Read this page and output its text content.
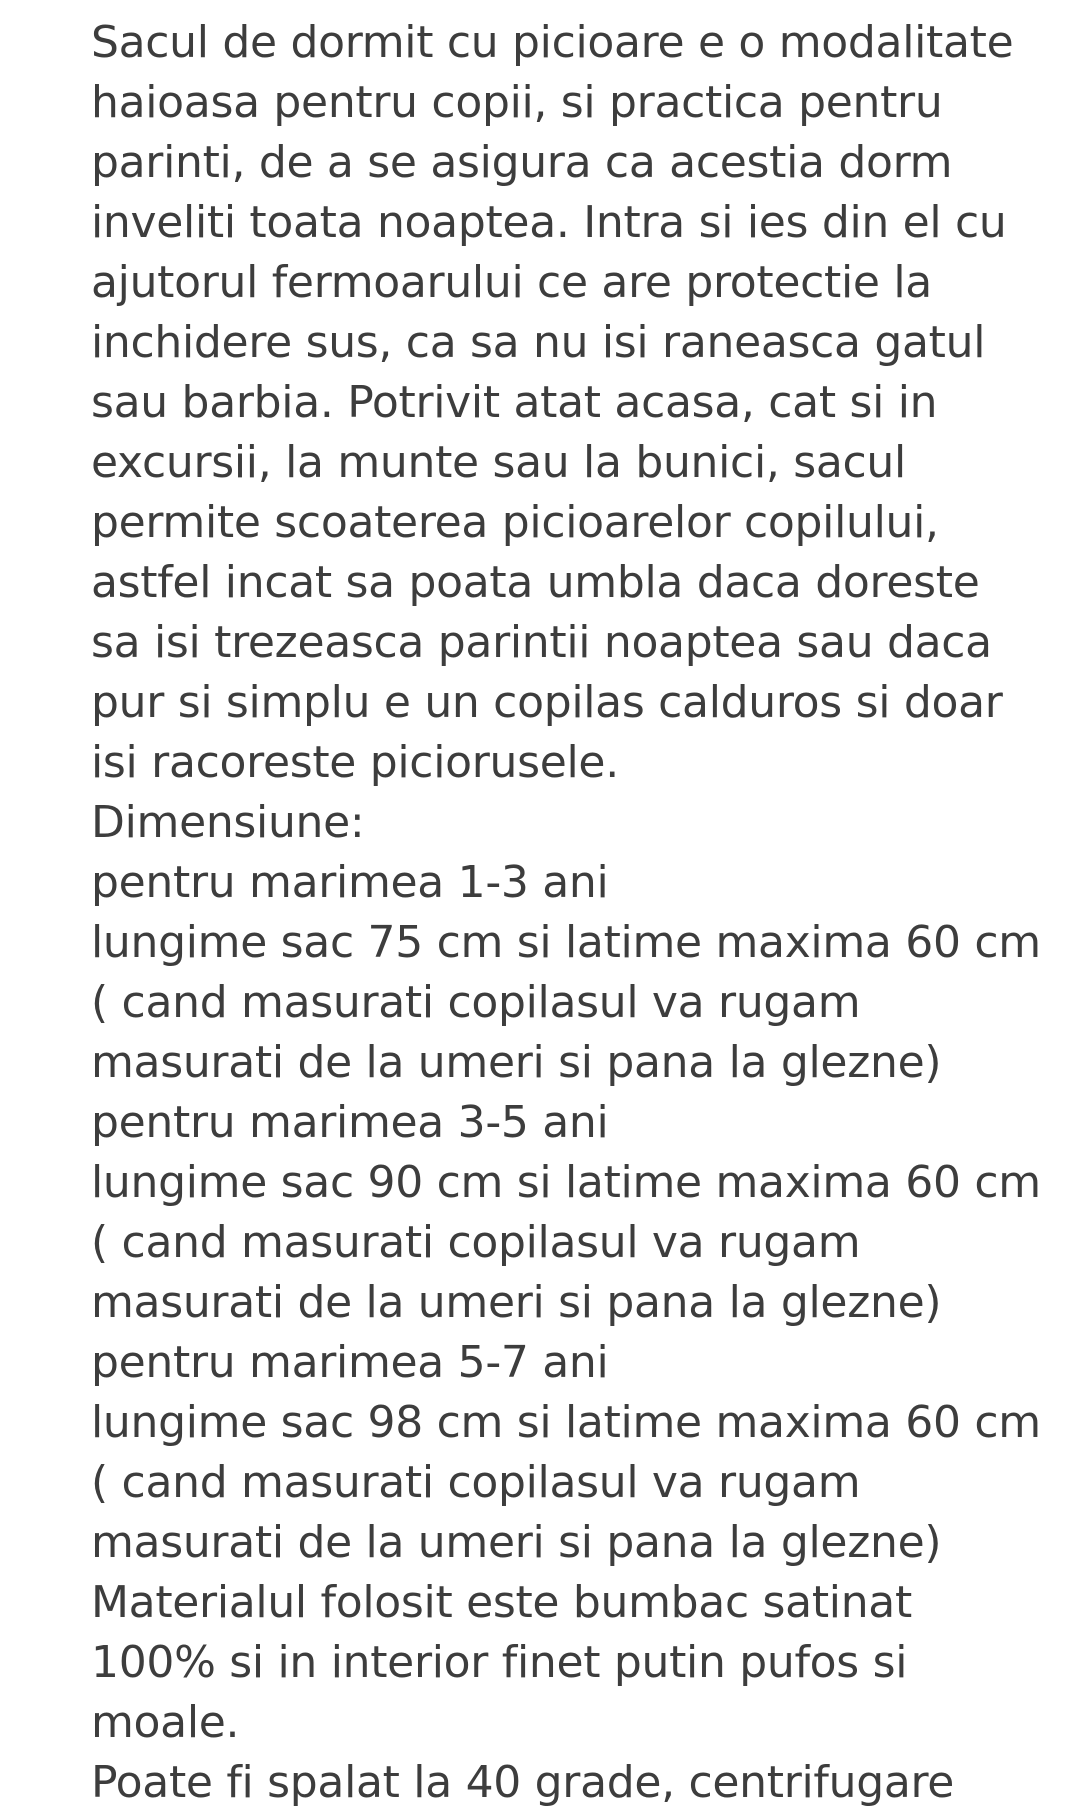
Sacul de dormit cu picioare e o modalitate
haioasa pentru copii, si practica pentru
parinti, de a se asigura ca acestia dorm
inveliti toata noaptea. Intra si ies din el cu
ajutorul fermoarului ce are protectie la
inchidere sus, ca sa nu isi raneasca gatul
sau barbia. Potrivit atat acasa, cat si in
excursii, la munte sau la bunici, sacul
permite scoaterea picioarelor copilului,
astfel incat sa poata umbla daca doreste
sa isi trezeasca parintii noaptea sau daca
pur si simplu e un copilas calduros si doar
isi racoreste piciorusele.
Dimensiune:
pentru marimea 1-3 ani
lungime sac 75 cm si latime maxima 60 cm
( cand masurati copilasul va rugam
masurati de la umeri si pana la glezne)
pentru marimea 3-5 ani
lungime sac 90 cm si latime maxima 60 cm
( cand masurati copilasul va rugam
masurati de la umeri si pana la glezne)
pentru marimea 5-7 ani
lungime sac 98 cm si latime maxima 60 cm
( cand masurati copilasul va rugam
masurati de la umeri si pana la glezne)
Materialul folosit este bumbac satinat
100% si in interior finet putin pufos si
moale.
Poate fi spalat la 40 grade, centrifugare
